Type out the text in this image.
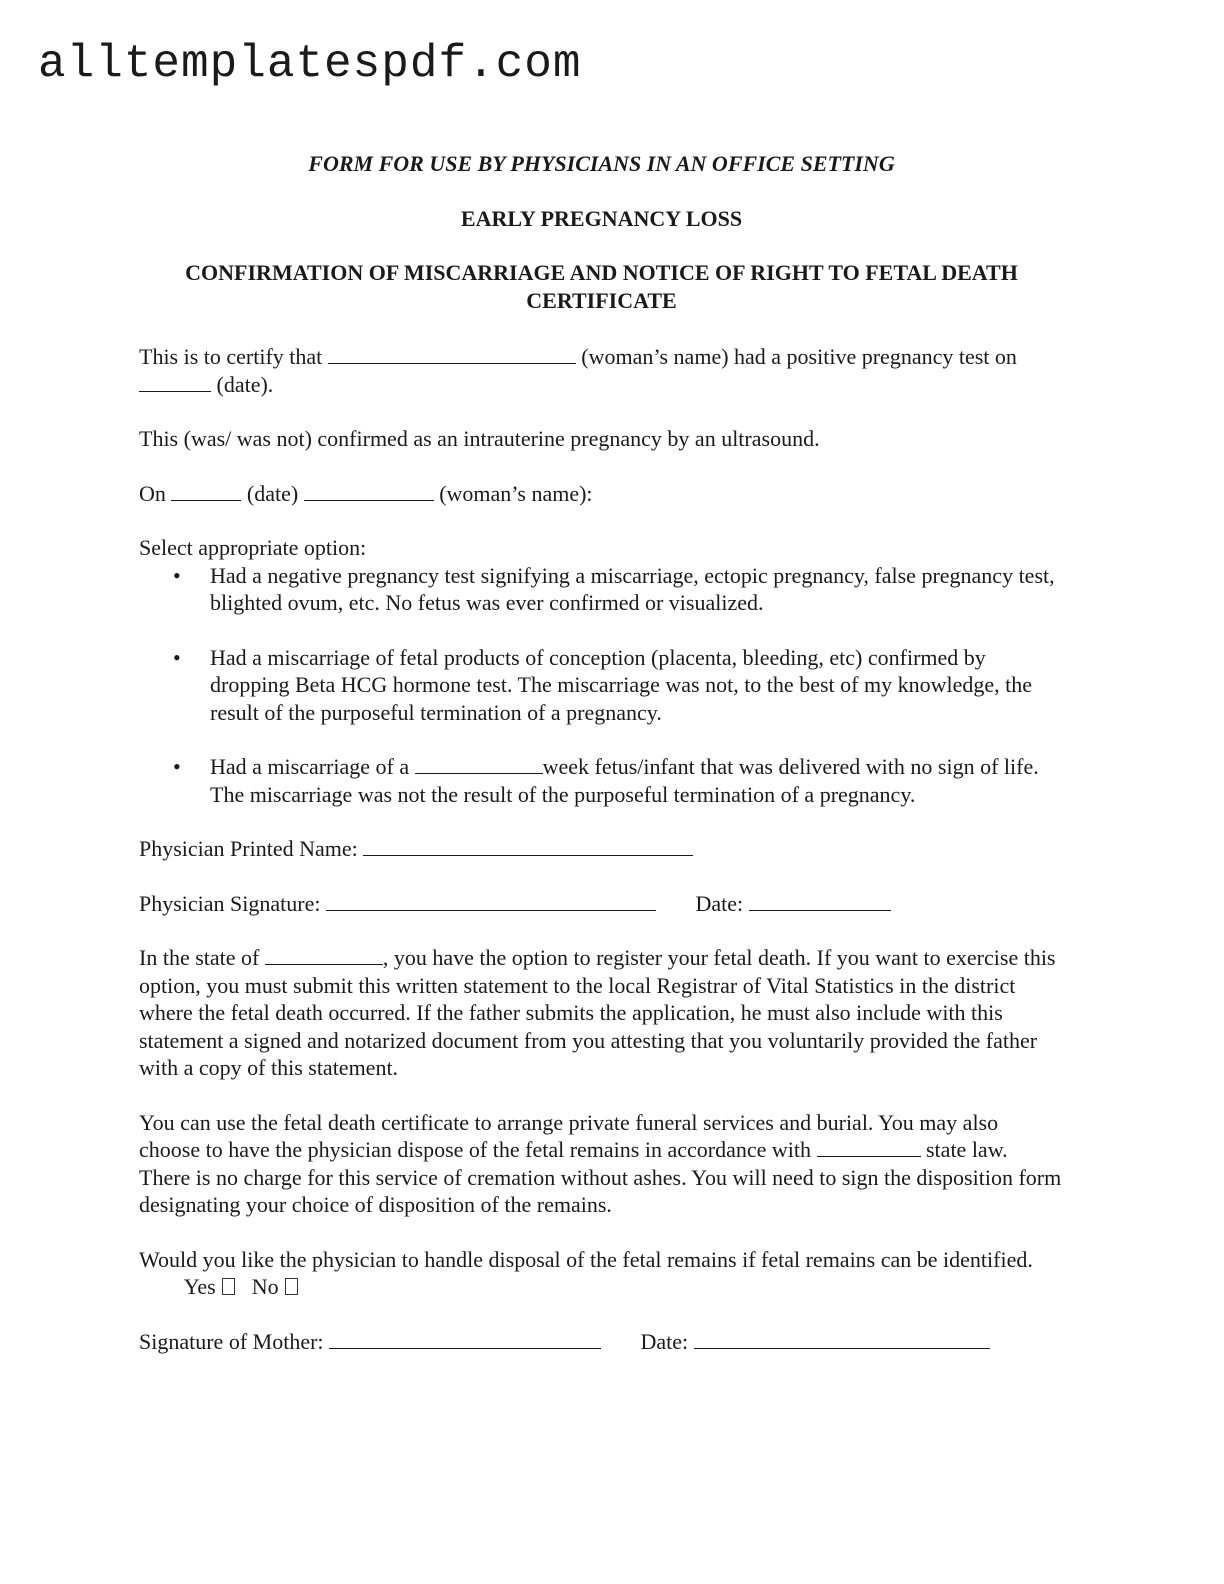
alltemplatespdf.com
FORM FOR USE BY PHYSICIANS IN AN OFFICE SETTING
EARLY PREGNANCY LOSS
CONFIRMATION OF MISCARRIAGE AND NOTICE OF RIGHT TO FETAL DEATH CERTIFICATE

This is to certify that	(woman’s name) had a positive pregnancy test on  (date).

This (was/ was not) confirmed as an intrauterine pregnancy by an ultrasound.

On	(date)	(woman’s name):

Select appropriate option:
• Had a negative pregnancy test signifying a miscarriage, ectopic pregnancy, false pregnancy test, blighted ovum, etc. No fetus was ever confirmed or visualized.
• Had a miscarriage of fetal products of conception (placenta, bleeding, etc) confirmed by dropping Beta HCG hormone test. The miscarriage was not, to the best of my knowledge, the result of the purposeful termination of a pregnancy.
• Had a miscarriage of a	week fetus/infant that was delivered with no sign of life. The miscarriage was not the result of the purposeful termination of a pregnancy.

Physician Printed Name:

Physician Signature:	Date:

In the state of	, you have the option to register your fetal death. If you want to exercise this option, you must submit this written statement to the local Registrar of Vital Statistics in the district where the fetal death occurred. If the father submits the application, he must also include with this statement a signed and notarized document from you attesting that you voluntarily provided the father with a copy of this statement.

You can use the fetal death certificate to arrange private funeral services and burial. You may also choose to have the physician dispose of the fetal remains in accordance with	state law. There is no charge for this service of cremation without ashes. You will need to sign the disposition form designating your choice of disposition of the remains.

Would you like the physician to handle disposal of the fetal remains if fetal remains can be identified.  Yes No

Signature of Mother:	Date:
